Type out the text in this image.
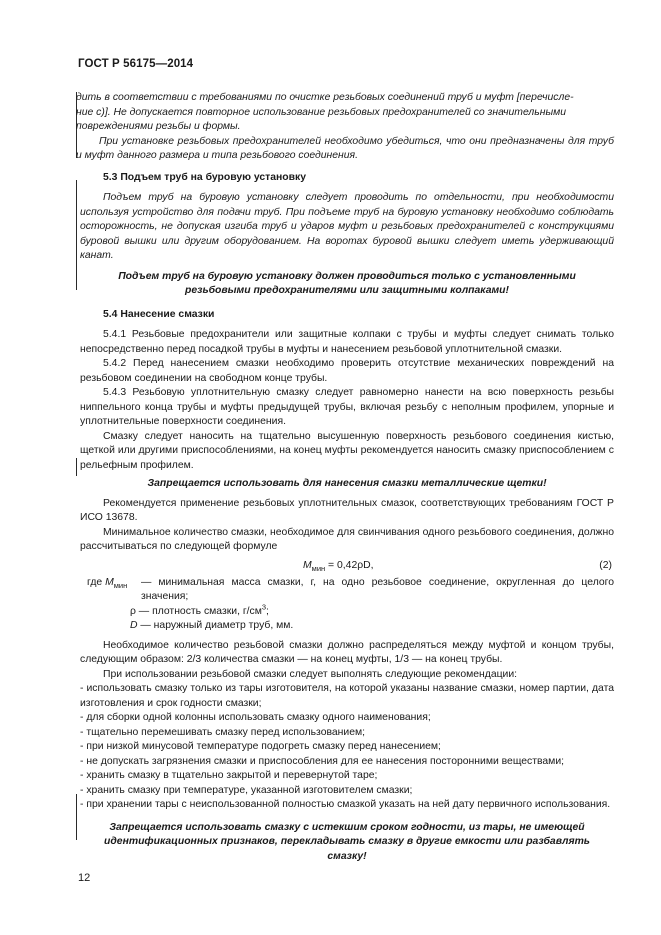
ГОСТ Р 56175—2014

дить в соответствии с требованиями по очистке резьбовых соединений труб и муфт [перечисле-

ние с)]. Не допускается повторное использование резьбовых предохранителей со значительными

повреждениями резьбы и формы.

При установке резьбовых предохранителей необходимо убедиться, что они предназначены для труб и муфт данного размера и типа резьбового соединения.

5.3 Подъем труб на буровую установку

Подъем труб на буровую установку следует проводить по отдельности, при необходимости используя устройство для подачи труб. При подъеме труб на буровую установку необходимо соблюдать осторожность, не допуская изгиба труб и ударов муфт и резьбовых предохранителей с конструкциями буровой вышки или другим оборудованием. На воротах буровой вышки следует иметь удерживающий канат.

Подъем труб на буровую установку должен проводиться только с установленными резьбовыми предохранителями или защитными колпаками!

5.4 Нанесение смазки

5.4.1 Резьбовые предохранители или защитные колпаки с трубы и муфты следует снимать только непосредственно перед посадкой трубы в муфты и нанесением резьбовой уплотнительной смазки.

5.4.2 Перед нанесением смазки необходимо проверить отсутствие механических повреждений на резьбовом соединении на свободном конце трубы.

5.4.3 Резьбовую уплотнительную смазку следует равномерно нанести на всю поверхность резьбы ниппельного конца трубы и муфты предыдущей трубы, включая резьбу с неполным профилем, упорные и уплотнительные поверхности соединения.

Смазку следует наносить на тщательно высушенную поверхность резьбового соединения кистью, щеткой или другими приспособлениями, на конец муфты рекомендуется наносить смазку приспособлением с рельефным профилем.

Запрещается использовать для нанесения смазки металлические щетки!

Рекомендуется применение резьбовых уплотнительных смазок, соответствующих требованиям ГОСТ Р ИСО 13678.

Минимальное количество смазки, необходимое для свинчивания одного резьбового соединения, должно рассчитываться по следующей формуле

$M_{мин} = 0,42\rho D$,	(2)
где $M_{мин}$ — минимальная масса смазки, г, на одно резьбовое соединение, округленная до целого значения;

ρ — плотность смазки, $г/см^3$;

D — наружный диаметр труб, мм.

Необходимое количество резьбовой смазки должно распределяться между муфтой и концом трубы, следующим образом: 2/3 количества смазки — на конец муфты, 1/3 — на конец трубы.

При использовании резьбовой смазки следует выполнять следующие рекомендации:

- использовать смазку только из тары изготовителя, на которой указаны название смазки, номер партии, дата изготовления и срок годности смазки;

- для сборки одной колонны использовать смазку одного наименования;

- тщательно перемешивать смазку перед использованием;

- при низкой минусовой температуре подогреть смазку перед нанесением;

- не допускать загрязнения смазки и приспособления для ее нанесения посторонними веществами;

- хранить смазку в тщательно закрытой и перевернутой таре;

- хранить смазку при температуре, указанной изготовителем смазки;

- при хранении тары с неиспользованной полностью смазкой указать на ней дату первичного использования.

Запрещается использовать смазку с истекшим сроком годности, из тары, не имеющей идентификационных признаков, перекладывать смазку в другие емкости или разбавлять смазку!

12
